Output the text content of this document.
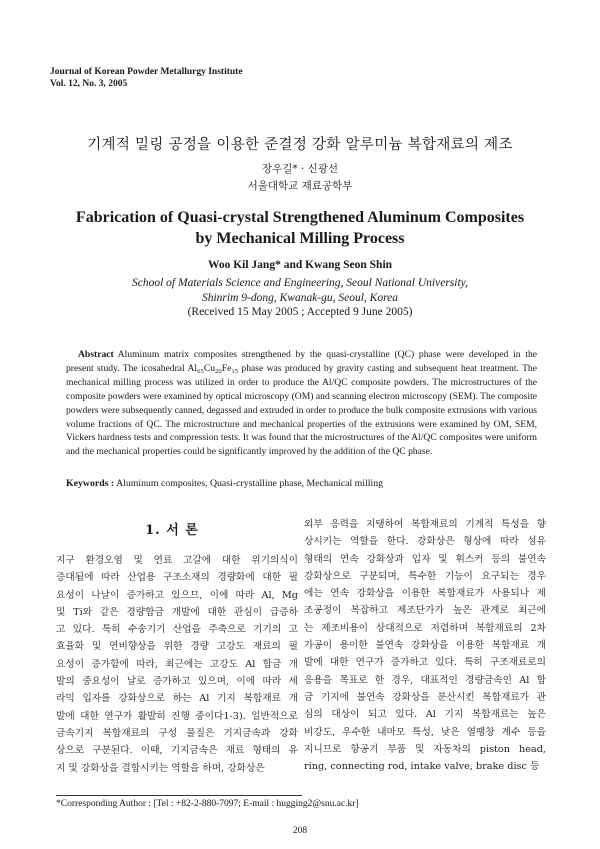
Journal of Korean Powder Metallurgy Institute
Vol. 12, No. 3, 2005
기계적 밀링 공정을 이용한 준결정 강화 알루미늄 복합재료의 제조
장우길* · 신광선
서울대학교 재료공학부
Fabrication of Quasi-crystal Strengthened Aluminum Composites
by Mechanical Milling Process
Woo Kil Jang* and Kwang Seon Shin
School of Materials Science and Engineering, Seoul National University,
Shinrim 9-dong, Kwanak-gu, Seoul, Korea
(Received 15 May 2005 ; Accepted 9 June 2005)
Abstract Aluminum matrix composites strengthened by the quasi-crystalline (QC) phase were developed in the present study. The icosahedral $Al_{65}Cu_{20}Fe_{15}$ phase was produced by gravity casting and subsequent heat treatment. The mechanical milling process was utilized in order to produce the Al/QC composite powders. The microstructures of the composite powders were examined by optical microscopy (OM) and scanning electron microscopy (SEM). The composite powders were subsequently canned, degassed and extruded in order to produce the bulk composite extrusions with various volume fractions of QC. The microstructure and mechanical properties of the extrusions were examined by OM, SEM, Vickers hardness tests and compression tests. It was found that the microstructures of the Al/QC composites were uniform and the mechanical properties could be significantly improved by the addition of the QC phase.
Keywords : Aluminum composites, Quasi-crystalline phase, Mechanical milling
1. 서 론
지구 환경오염 및 연료 고갈에 대한 위기의식이
증대됨에 따라 산업용 구조소재의 경량화에 대한 필
요성이 나날이 증가하고 있으므, 이에 따라 Al, Mg
및 Ti와 같은 경량합금 개발에 대한 관심이 급증하
고 있다. 특히 수송기기 산업을 주축으로 기기의 고
효율화 및 연비향상을 위한 경량 고강도 재료의 필
요성이 증가함에 따라, 최근에는 고강도 Al 합금 개
발의 중요성이 날로 증가하고 있으며, 이에 따라 세
라믹 입자를 강화상으로 하는 Al 기지 복합재료 개
발에 대한 연구가 활발히 진행 중이다1-3). 일반적으로
금속기지 복합재료의 구성 물질은 기지금속과 강화
상으로 구분된다. 이때, 기지금속은 재료 형태의 유
지 및 강화상을 결합시키는 역할을 하며, 강화상은
외부 응력을 지탱하여 복합재료의 기계적 특성을 향
상시키는 역할을 한다. 강화상은 형상에 따라 섬유
형태의 연속 강화상과 입자 및 휘스커 등의 불연속
강화상으로 구분되며, 특수한 기능이 요구되는 경우
에는 연속 강화상을 이용한 복합재료가 사용되나 제
조공정이 복잡하고 제조단가가 높은 관계로 최근에
는 제조비용이 상대적으로 저렴하며 복합재료의 2차
가공이 용이한 불연속 강화상을 이용한 복합재료 개
발에 대한 연구가 증가하고 있다. 특히 구조재료로의
응용을 목표로 한 경우, 대표적인 경량금속인 Al 합
금 기지에 불연속 강화상을 분산시킨 복합재료가 관
심의 대상이 되고 있다. Al 기지 복합재료는 높은
비강도, 우수한 내마모 특성, 낮은 열팽창 계수 등을
지니므로 항공기 부품 및 자동차의 piston head,
ring, connecting rod, intake valve, brake disc 등
*Corresponding Author : [Tel : +82-2-880-7097; E-mail : hugging2@snu.ac.kr]
208
